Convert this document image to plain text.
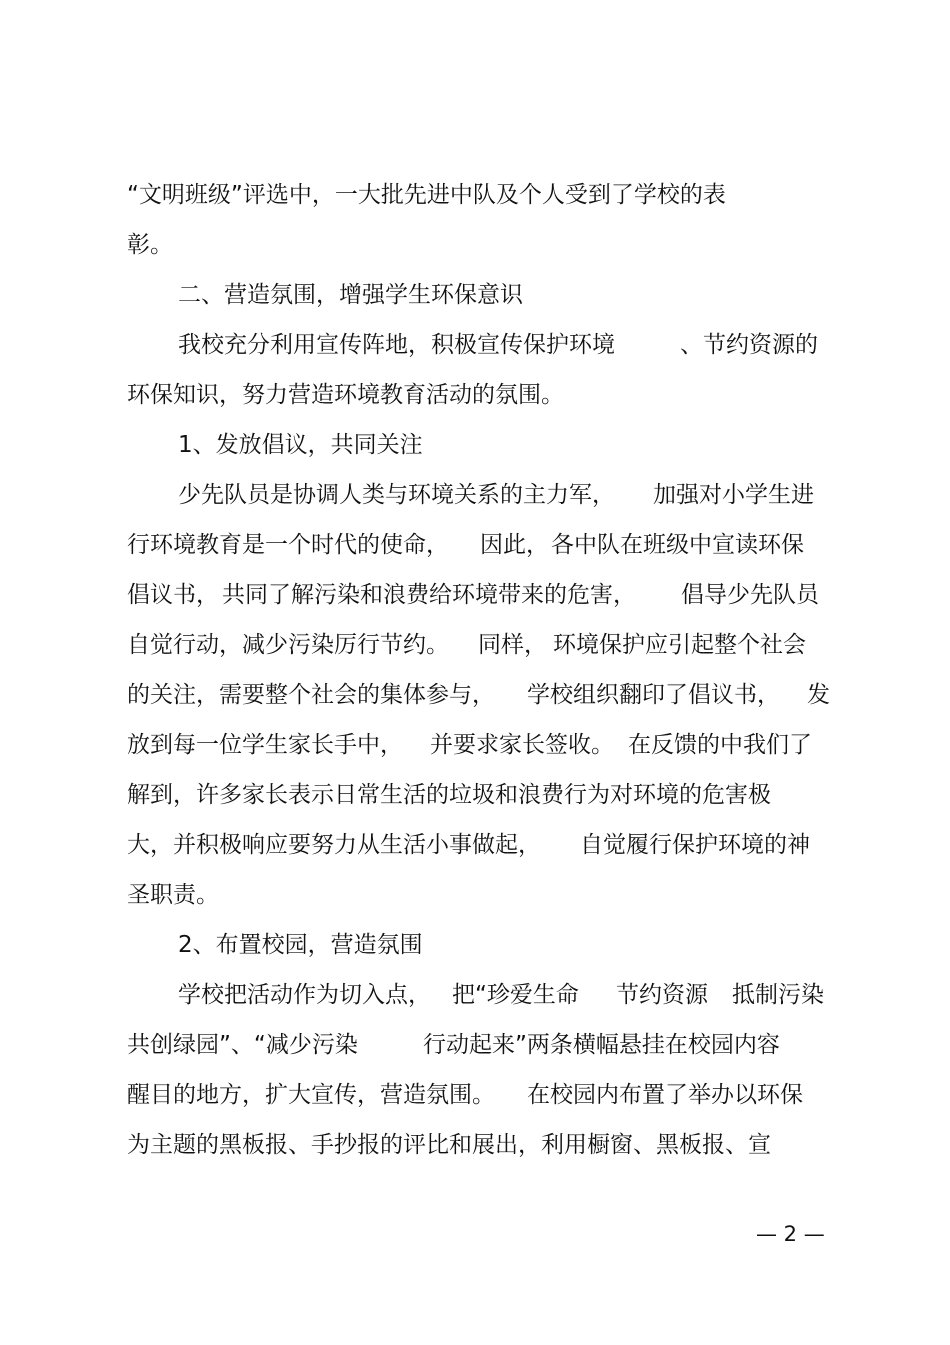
“文明班级”评选中，一大批先进中队及个人受到了学校的表
彰。
二、营造氛围，增强学生环保意识
我校充分利用宣传阵地，积极宣传保护环境	、节约资源的
环保知识，努力营造环境教育活动的氛围。
1、发放倡议，共同关注
少先队员是协调人类与环境关系的主力军， 加强对小学生进
行环境教育是一个时代的使命， 因此， 各中队在班级中宣读环保
倡议书， 共同了解污染和浪费给环境带来的危害， 倡导少先队员
自觉行动，减少污染厉行节约。 同样， 环境保护应引起整个社会
的关注，需要整个社会的集体参与， 学校组织翻印了倡议书， 发
放到每一位学生家长手中， 并要求家长签收。 在反馈的中我们了
解到，许多家长表示日常生活的垃圾和浪费行为对环境的危害极
大，并积极响应要努力从生活小事做起， 自觉履行保护环境的神
圣职责。
2、布置校园，营造氛围
学校把活动作为切入点， 把“珍爱生命 节约资源 抵制污染
共创绿园”、“减少污染	行动起来”两条横幅悬挂在校园内容
醒目的地方，扩大宣传，营造氛围。 在校园内布置了举办以环保
为主题的黑板报、手抄报的评比和展出，利用橱窗、黑板报、宣
— 2 —
